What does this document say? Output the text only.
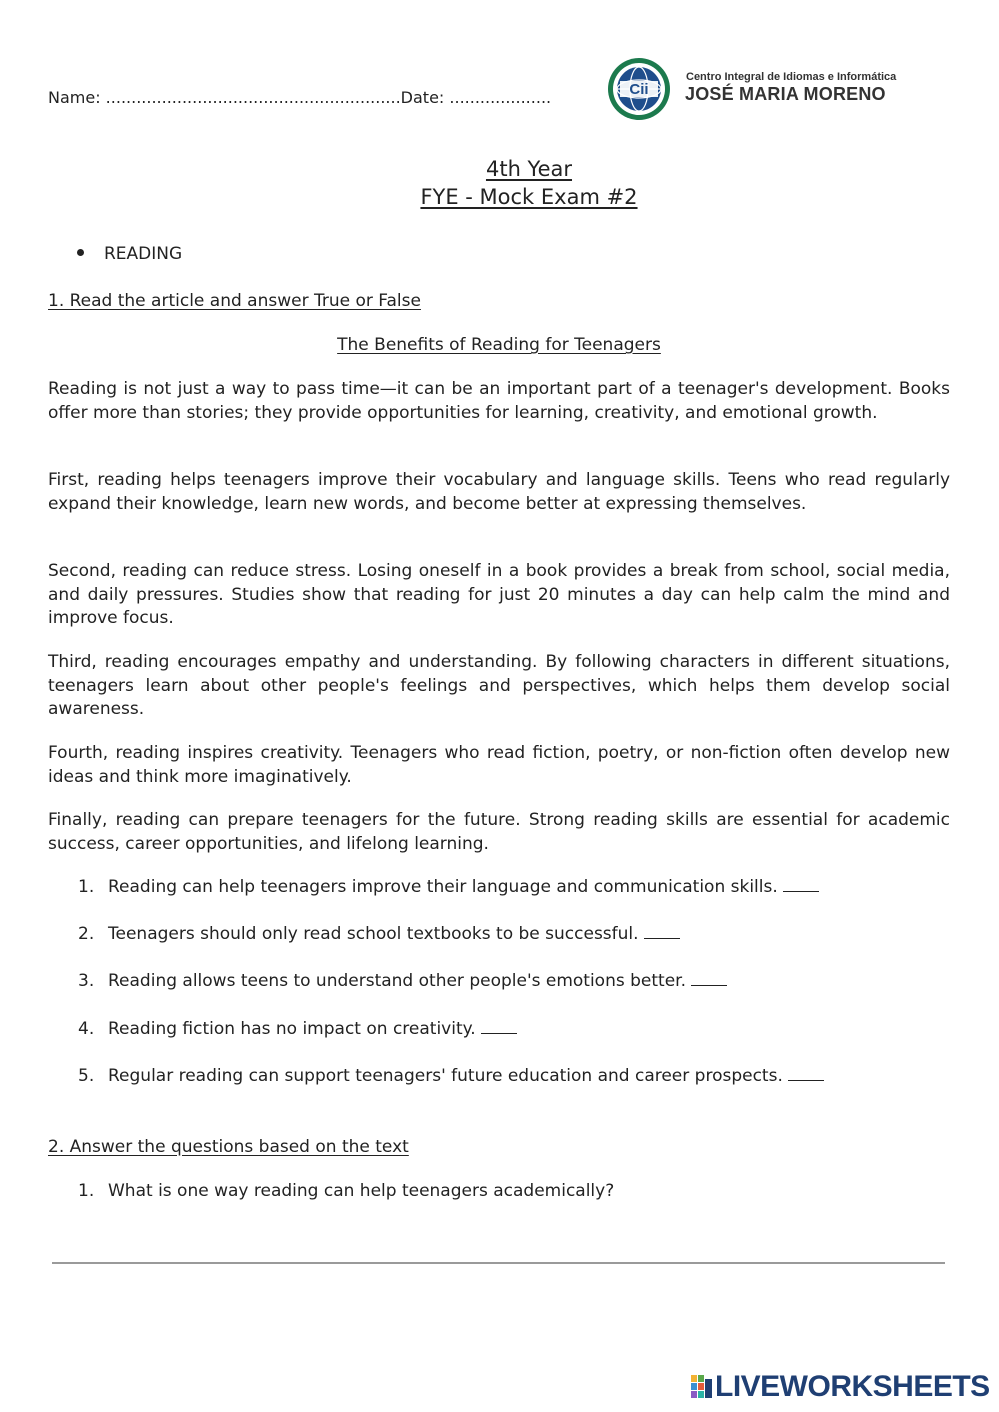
Name: ..........................................................Date: ....................	Cii
Centro Integral de Idiomas e Informática
JOSÉ MARIA MORENO
4th Year
FYE - Mock Exam #2
READING
1. Read the article and answer True or False
The Benefits of Reading for Teenagers

Reading is not just a way to pass time—it can be an important part of a teenager's development. Books offer more than stories; they provide opportunities for learning, creativity, and emotional growth.

First, reading helps teenagers improve their vocabulary and language skills. Teens who read regularly expand their knowledge, learn new words, and become better at expressing themselves.

Second, reading can reduce stress. Losing oneself in a book provides a break from school, social media, and daily pressures. Studies show that reading for just 20 minutes a day can help calm the mind and improve focus.

Third, reading encourages empathy and understanding. By following characters in different situations, teenagers learn about other people's feelings and perspectives, which helps them develop social awareness.

Fourth, reading inspires creativity. Teenagers who read fiction, poetry, or non-fiction often develop new ideas and think more imaginatively.

Finally, reading can prepare teenagers for the future. Strong reading skills are essential for academic success, career opportunities, and lifelong learning.

1. Reading can help teenagers improve their language and communication skills.
2. Teenagers should only read school textbooks to be successful.
3. Reading allows teens to understand other people's emotions better.
4. Reading fiction has no impact on creativity.
5. Regular reading can support teenagers' future education and career prospects.
2. Answer the questions based on the text
1. What is one way reading can help teenagers academically?
LIVEWORKSHEETS
